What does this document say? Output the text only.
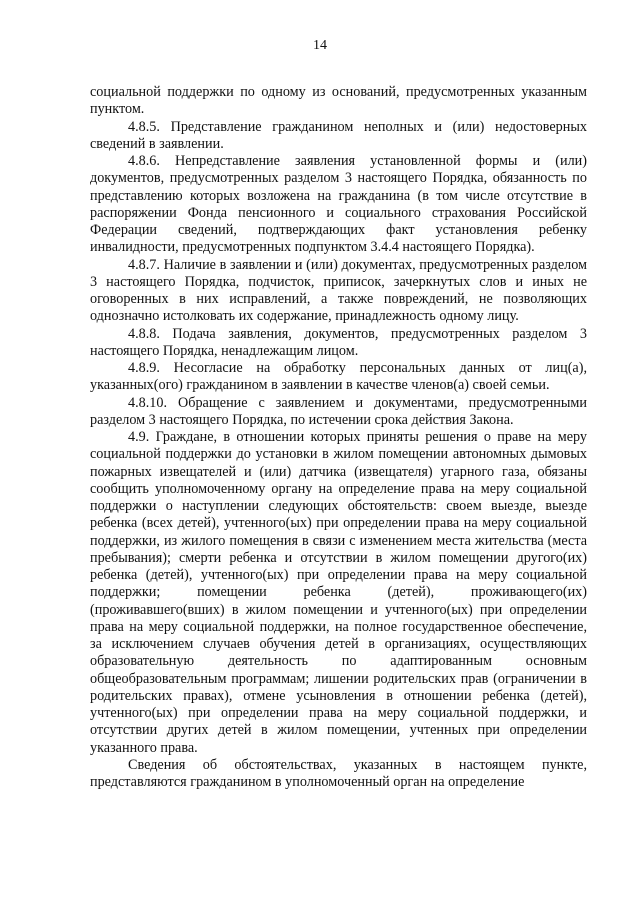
14

социальной поддержки по одному из оснований, предусмотренных указанным пунктом.

4.8.5. Представление гражданином неполных и (или) недостоверных сведений в заявлении.

4.8.6. Непредставление заявления установленной формы и (или) документов, предусмотренных разделом 3 настоящего Порядка, обязанность по представлению которых возложена на гражданина (в том числе отсутствие в распоряжении Фонда пенсионного и социального страхования Российской Федерации сведений, подтверждающих факт установления ребенку инвалидности, предусмотренных подпунктом 3.4.4 настоящего Порядка).

4.8.7. Наличие в заявлении и (или) документах, предусмотренных разделом 3 настоящего Порядка, подчисток, приписок, зачеркнутых слов и иных не оговоренных в них исправлений, а также повреждений, не позволяющих однозначно истолковать их содержание, принадлежность одному лицу.

4.8.8. Подача заявления, документов, предусмотренных разделом 3 настоящего Порядка, ненадлежащим лицом.

4.8.9. Несогласие на обработку персональных данных от лиц(а), указанных(ого) гражданином в заявлении в качестве членов(а) своей семьи.

4.8.10. Обращение с заявлением и документами, предусмотренными разделом 3 настоящего Порядка, по истечении срока действия Закона.

4.9. Граждане, в отношении которых приняты решения о праве на меру социальной поддержки до установки в жилом помещении автономных дымовых пожарных извещателей и (или) датчика (извещателя) угарного газа, обязаны сообщить уполномоченному органу на определение права на меру социальной поддержки о наступлении следующих обстоятельств: своем выезде, выезде ребенка (всех детей), учтенного(ых) при определении права на меру социальной поддержки, из жилого помещения в связи с изменением места жительства (места пребывания); смерти ребенка и отсутствии в жилом помещении другого(их) ребенка (детей), учтенного(ых) при определении права на меру социальной поддержки; помещении ребенка (детей), проживающего(их) (проживавшего(вших) в жилом помещении и учтенного(ых) при определении права на меру социальной поддержки, на полное государственное обеспечение, за исключением случаев обучения детей в организациях, осуществляющих образовательную деятельность по адаптированным основным общеобразовательным программам; лишении родительских прав (ограничении в родительских правах), отмене усыновления в отношении ребенка (детей), учтенного(ых) при определении права на меру социальной поддержки, и отсутствии других детей в жилом помещении, учтенных при определении указанного права.

Сведения об обстоятельствах, указанных в настоящем пункте, представляются гражданином в уполномоченный орган на определение
